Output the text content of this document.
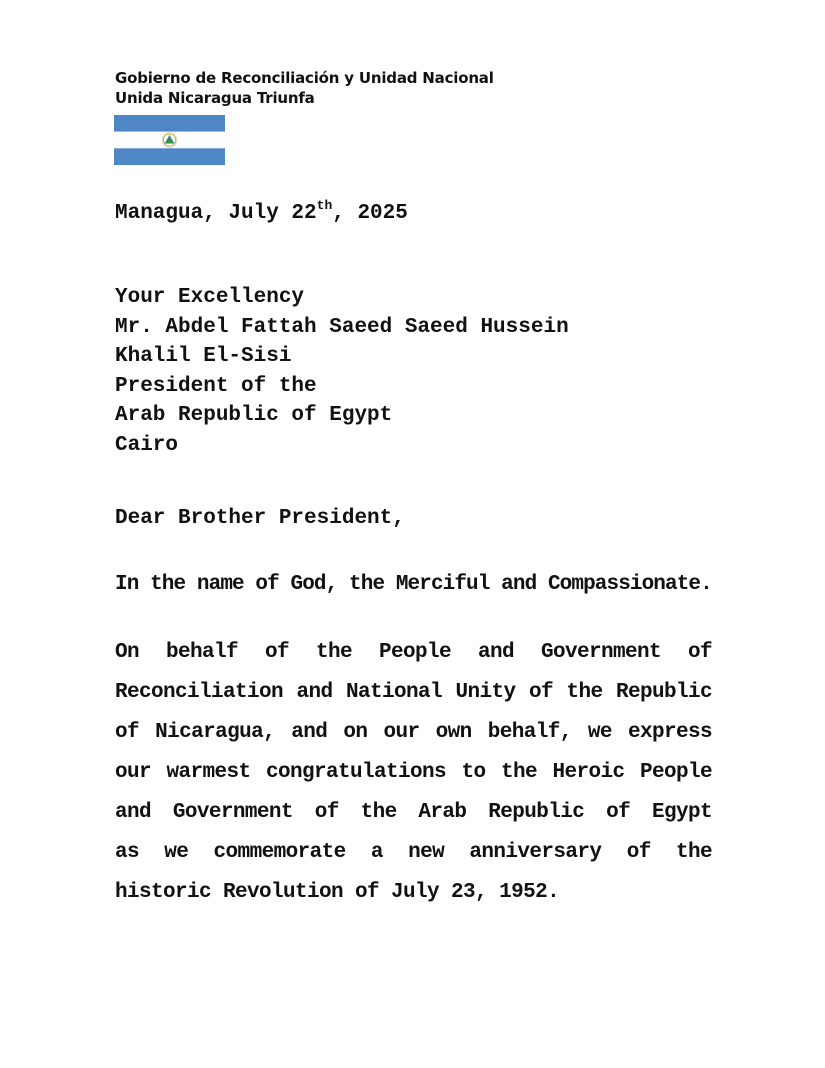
Gobierno de Reconciliación y Unidad Nacional
Unida Nicaragua Triunfa
Managua, July 22th, 2025
Your Excellency
Mr. Abdel Fattah Saeed Saeed Hussein
Khalil El-Sisi
President of the
Arab Republic of Egypt
Cairo
Dear Brother President,
In the name of God, the Merciful and Compassionate.
On behalf of the People and Government of
Reconciliation and National Unity of the Republic
of Nicaragua, and on our own behalf, we express
our warmest congratulations to the Heroic People
and Government of the Arab Republic of Egypt
as we commemorate a new anniversary of the
historic Revolution of July 23, 1952.
